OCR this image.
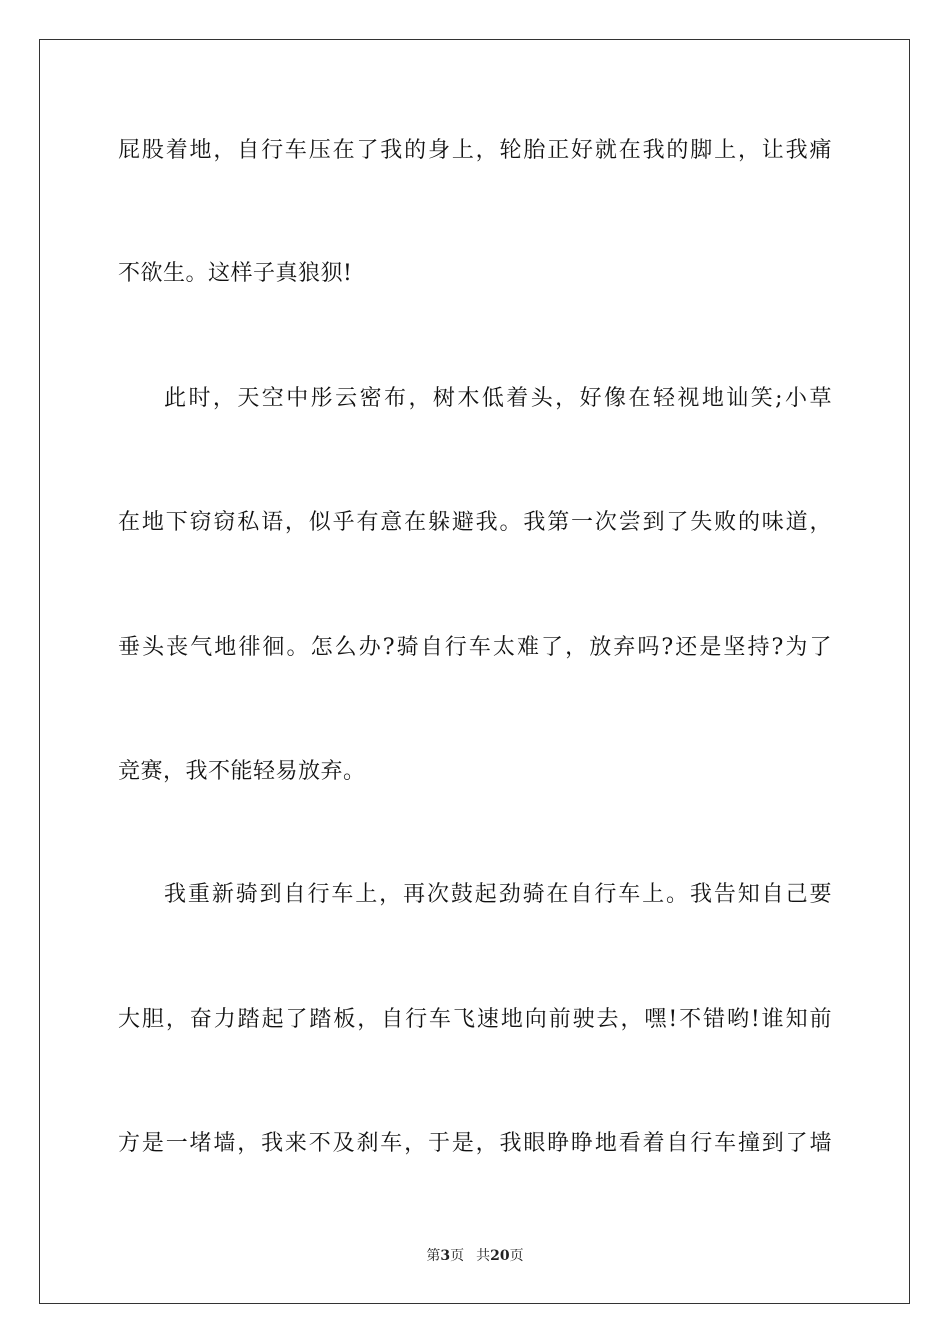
屁股着地，自行车压在了我的身上，轮胎正好就在我的脚上，让我痛
不欲生。这样子真狼狈!
此时，天空中彤云密布，树木低着头，好像在轻视地讪笑;小草
在地下窃窃私语，似乎有意在躲避我。我第一次尝到了失败的味道，
垂头丧气地徘徊。怎么办?骑自行车太难了，放弃吗?还是坚持?为了
竞赛，我不能轻易放弃。
我重新骑到自行车上，再次鼓起劲骑在自行车上。我告知自己要
大胆，奋力踏起了踏板，自行车飞速地向前驶去，嘿!不错哟!谁知前
方是一堵墙，我来不及刹车，于是，我眼睁睁地看着自行车撞到了墙
第3页 共20页
